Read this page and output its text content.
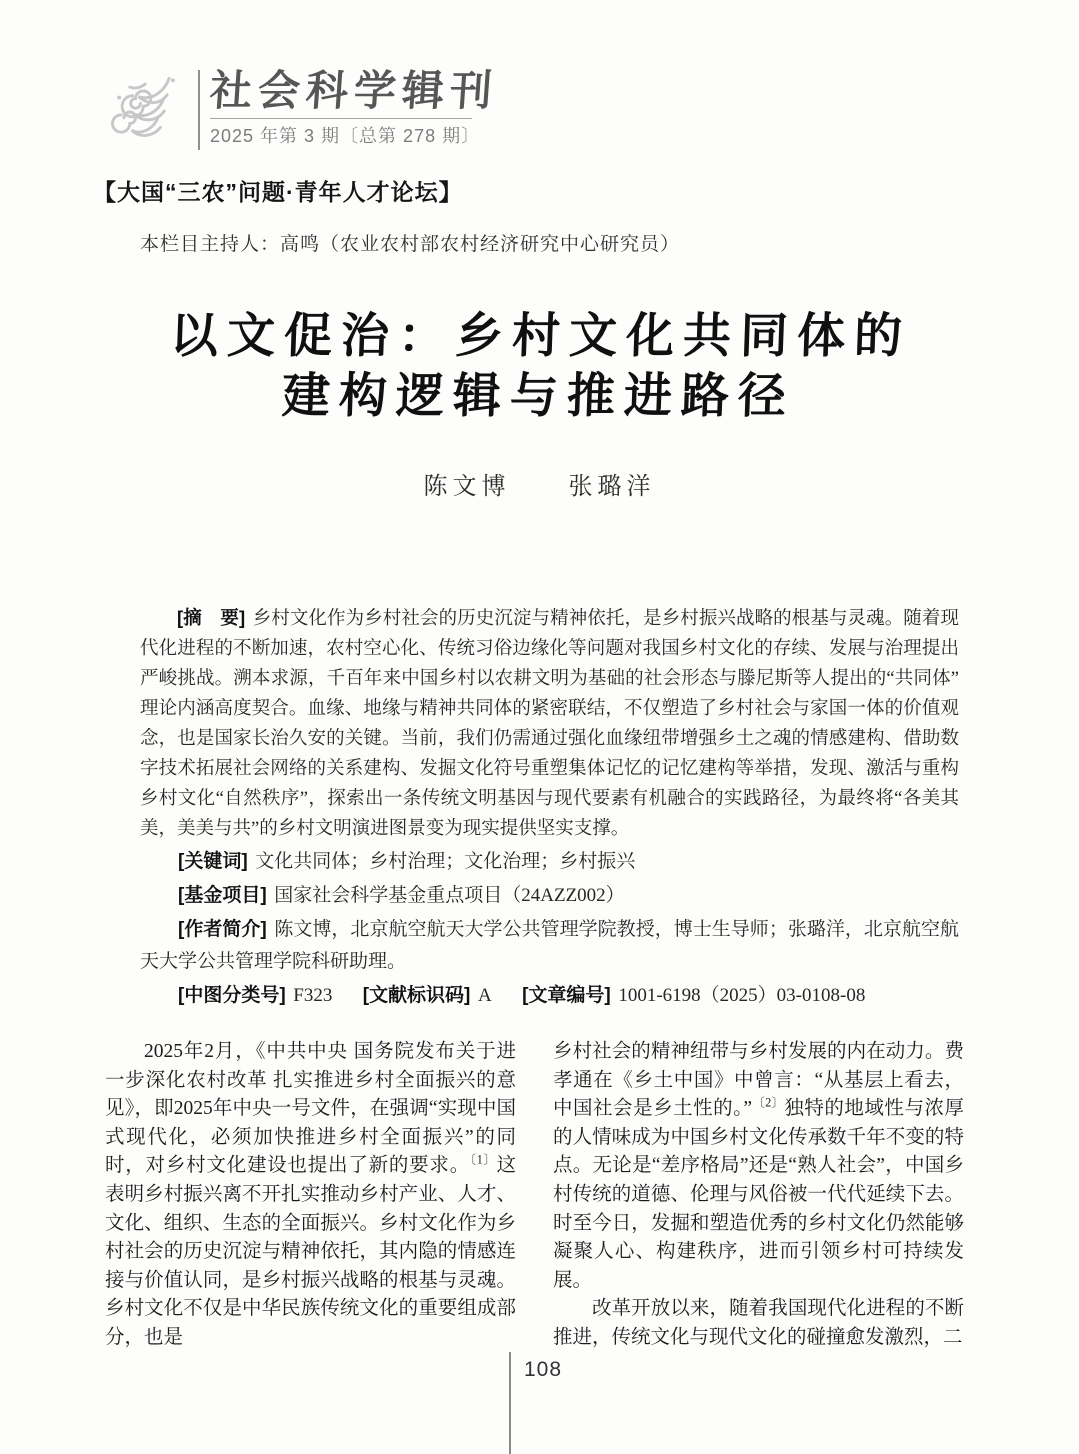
社会科学辑刊
2025 年第 3 期〔总第 278 期〕
【大国“三农”问题·青年人才论坛】
本栏目主持人：高鸣（农业农村部农村经济研究中心研究员）
以文促治：乡村文化共同体的
建构逻辑与推进路径
陈文博　　张璐洋

[摘　要] 乡村文化作为乡村社会的历史沉淀与精神依托，是乡村振兴战略的根基与灵魂。随着现代化进程的不断加速，农村空心化、传统习俗边缘化等问题对我国乡村文化的存续、发展与治理提出严峻挑战。溯本求源，千百年来中国乡村以农耕文明为基础的社会形态与滕尼斯等人提出的“共同体”理论内涵高度契合。血缘、地缘与精神共同体的紧密联结，不仅塑造了乡村社会与家国一体的价值观念，也是国家长治久安的关键。当前，我们仍需通过强化血缘纽带增强乡土之魂的情感建构、借助数字技术拓展社会网络的关系建构、发掘文化符号重塑集体记忆的记忆建构等举措，发现、激活与重构乡村文化“自然秩序”，探索出一条传统文明基因与现代要素有机融合的实践路径，为最终将“各美其美，美美与共”的乡村文明演进图景变为现实提供坚实支撑。

[关键词] 文化共同体；乡村治理；文化治理；乡村振兴

[基金项目] 国家社会科学基金重点项目（24AZZ002）

[作者简介] 陈文博，北京航空航天大学公共管理学院教授，博士生导师；张璐洋，北京航空航天大学公共管理学院科研助理。

[中图分类号] F323 [文献标识码] A [文章编号] 1001-6198（2025）03-0108-08

2025年2月，《中共中央 国务院发布关于进一步深化农村改革 扎实推进乡村全面振兴的意见》，即2025年中央一号文件，在强调“实现中国式现代化，必须加快推进乡村全面振兴”的同时，对乡村文化建设也提出了新的要求。$^{〔1〕}$这表明乡村振兴离不开扎实推动乡村产业、人才、文化、组织、生态的全面振兴。乡村文化作为乡村社会的历史沉淀与精神依托，其内隐的情感连接与价值认同，是乡村振兴战略的根基与灵魂。乡村文化不仅是中华民族传统文化的重要组成部分，也是

乡村社会的精神纽带与乡村发展的内在动力。费孝通在《乡土中国》中曾言：“从基层上看去，中国社会是乡土性的。”$^{〔2〕}$独特的地域性与浓厚的人情味成为中国乡村文化传承数千年不变的特点。无论是“差序格局”还是“熟人社会”，中国乡村传统的道德、伦理与风俗被一代代延续下去。时至今日，发掘和塑造优秀的乡村文化仍然能够凝聚人心、构建秩序，进而引领乡村可持续发展。

改革开放以来，随着我国现代化进程的不断推进，传统文化与现代文化的碰撞愈发激烈，二

108
